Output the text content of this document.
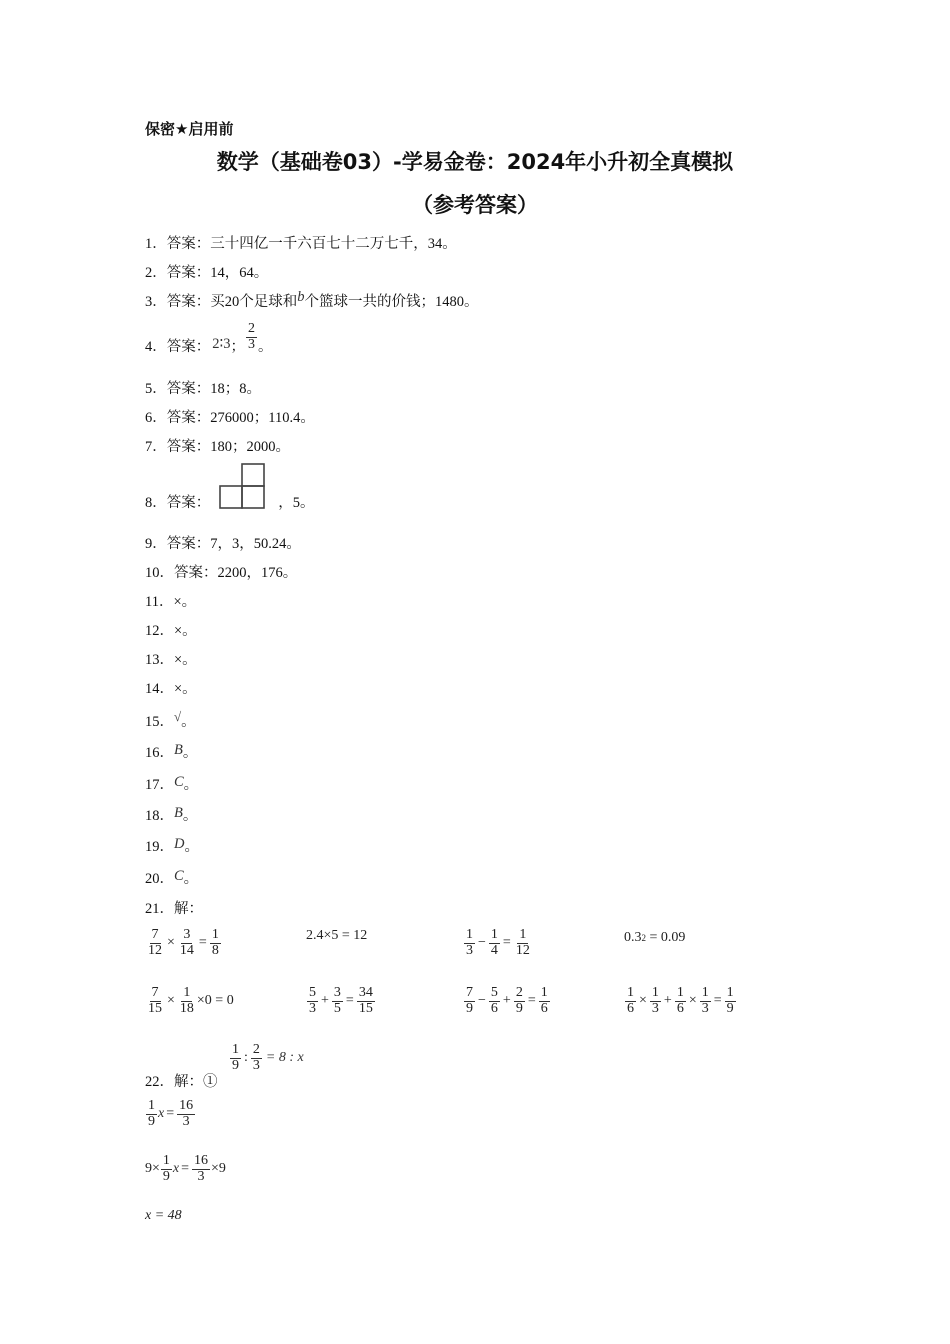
保密★启用前
数学（基础卷03）-学易金卷：2024年小升初全真模拟
（参考答案）
1．答案：三十四亿一千六百七十二万七千，34。
2．答案：14，64。
3．答案：买20个足球和b个篮球一共的价钱；1480。
4．答案： 2∶3 ； $\frac{2}{3}$ 。
5．答案：18；8。
6．答案：276000；110.4。
7．答案：180；2000。
8．答案：	，5。
9．答案：7，3，50.24。
10．答案：2200，176。
11．×。
12．×。
13．×。
14．×。
15．√。
16．B。
17．C。
18．B。
19．D。
20．C。
21．解：
$\frac{7}{12} \times \frac{3}{14} = \frac{1}{8}$	2.4×5 = 12	$\frac{1}{3} - \frac{1}{4} = \frac{1}{12}$	0.3 2 = 0.09
$\frac{7}{15} \times \frac{1}{18} \times 0 = 0$	$\frac{5}{3} + \frac{3}{5} = \frac{34}{15}$	$\frac{7}{9} - \frac{5}{6} + \frac{2}{9} = \frac{1}{6}$	$\frac{1}{6} \times \frac{1}{3} + \frac{1}{6} \times \frac{1}{3} = \frac{1}{9}$
22．解：①
$\frac{1}{9}$ : $\frac{2}{3} = 8$ : x
$\frac{1}{9}$ $x = \frac{16}{3}$
$9\times \frac{1}{9}$ $x = \frac{16}{3} \times 9$
x = 48
